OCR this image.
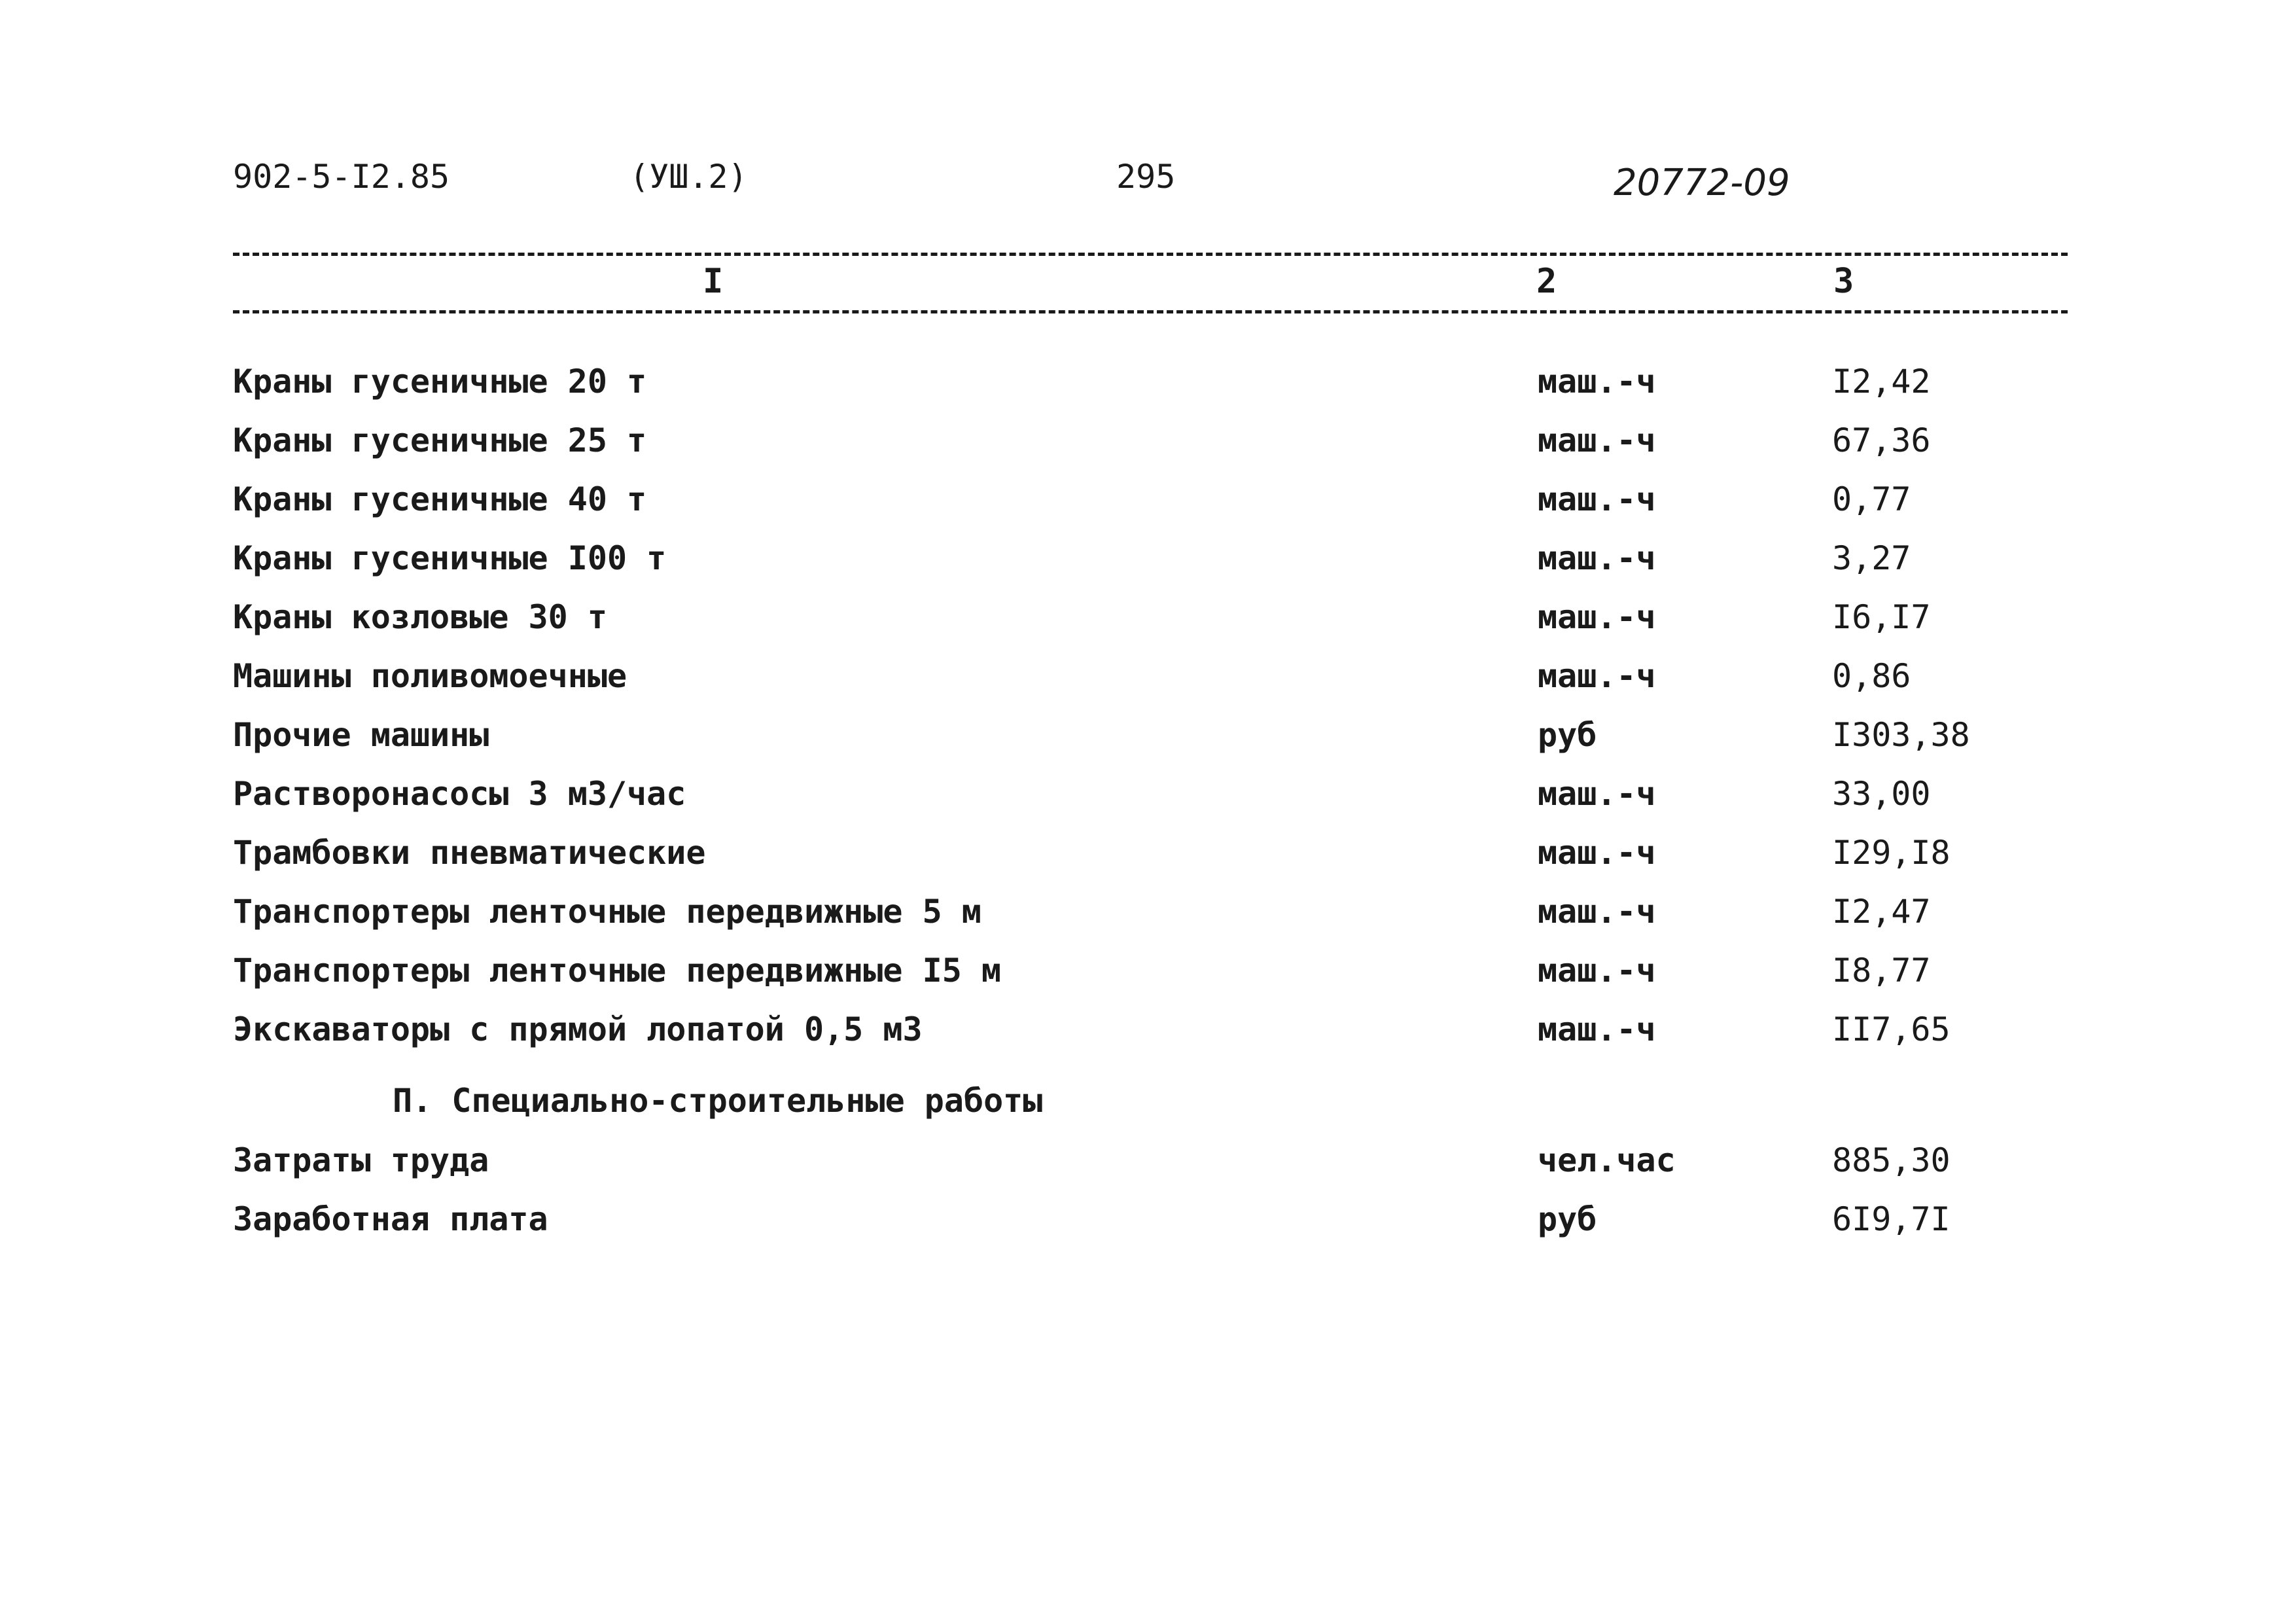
902-5-I2.85	(УШ.2)	295	20772-09
I	2	3
Краны гусеничные 20 т	маш.-ч	I2,42
Краны гусеничные 25 т	маш.-ч	67,36
Краны гусеничные 40 т	маш.-ч	0,77
Краны гусеничные I00 т	маш.-ч	3,27
Краны козловые 30 т	маш.-ч	I6,I7
Машины поливомоечные	маш.-ч	0,86
Прочие машины	руб	I303,38
Растворонасосы 3 м3/час	маш.-ч	33,00
Трамбовки пневматические	маш.-ч	I29,I8
Транспортеры ленточные передвижные 5 м	маш.-ч	I2,47
Транспортеры ленточные передвижные I5 м	маш.-ч	I8,77
Экскаваторы с прямой лопатой 0,5 м3	маш.-ч	II7,65
П. Специально-строительные работы
Затраты труда	чел.час	885,30
Заработная плата	руб	6I9,7I
